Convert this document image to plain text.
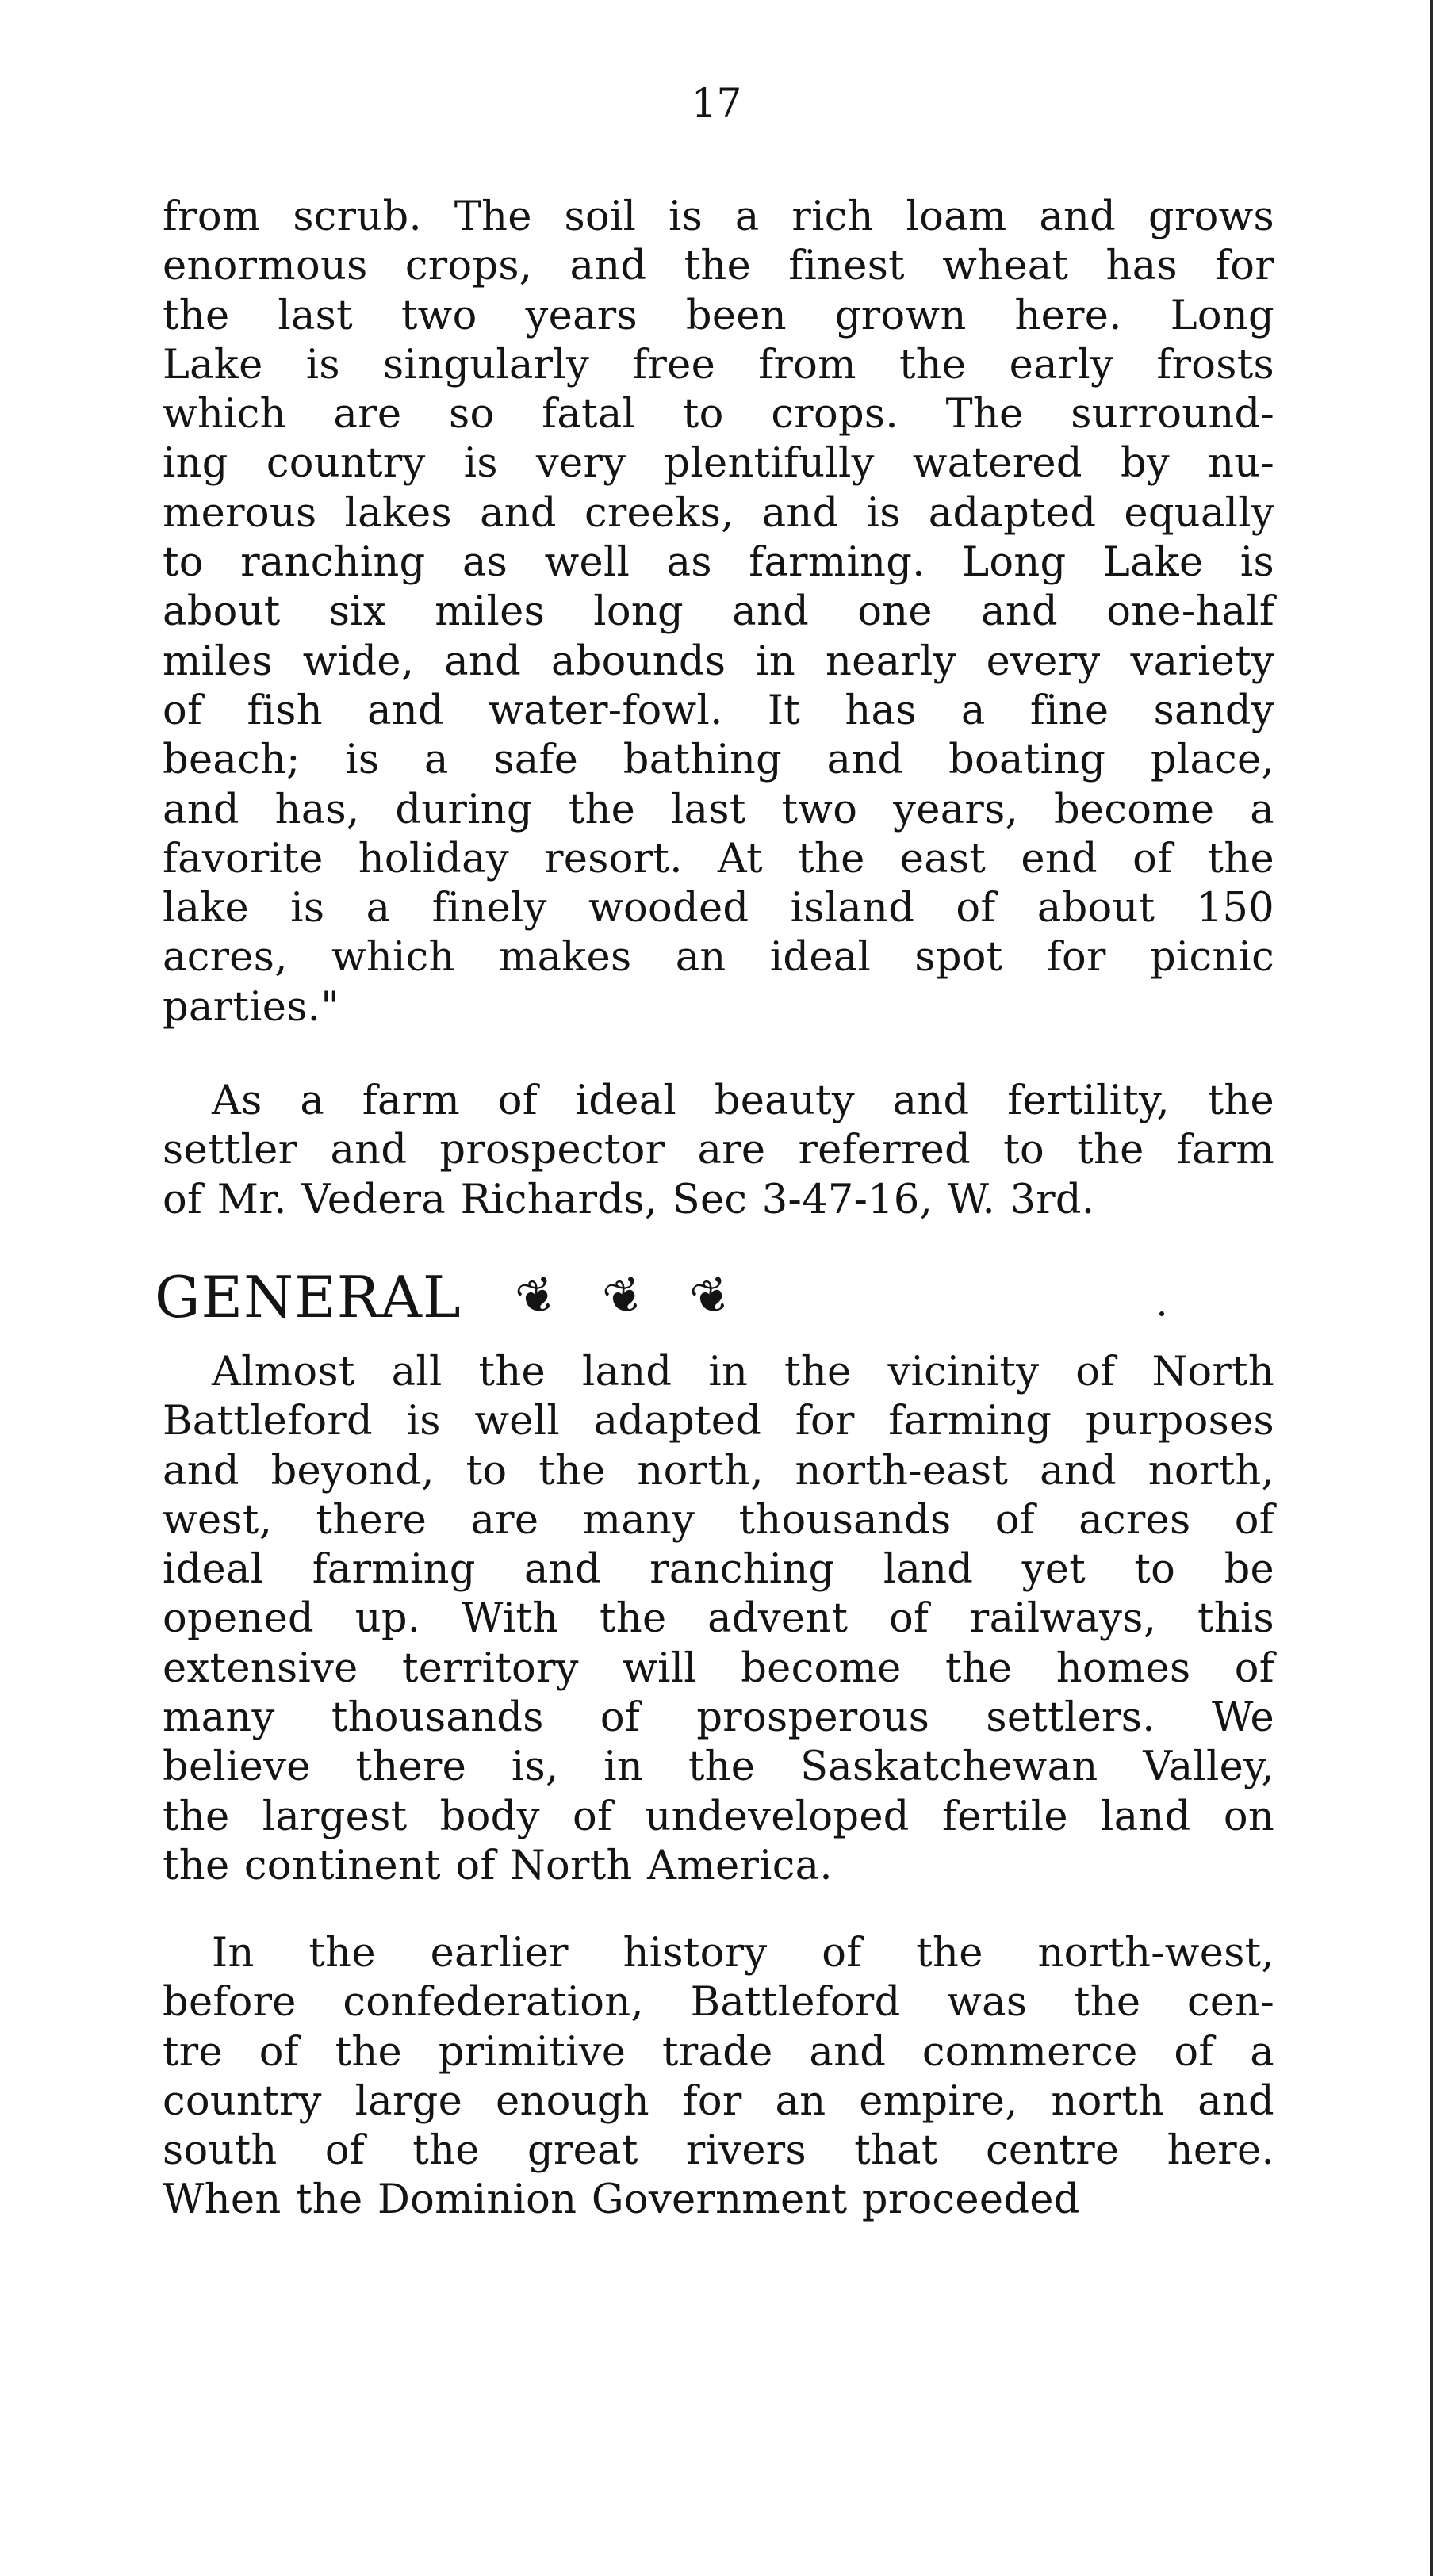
17
from scrub. The soil is a rich loam and grows
enormous crops, and the finest wheat has for
the last two years been grown here. Long
Lake is singularly free from the early frosts
which are so fatal to crops. The surround-
ing country is very plentifully watered by nu-
merous lakes and creeks, and is adapted equally
to ranching as well as farming. Long Lake is
about six miles long and one and one-half
miles wide, and abounds in nearly every variety
of fish and water-fowl. It has a fine sandy
beach; is a safe bathing and boating place,
and has, during the last two years, become a
favorite holiday resort. At the east end of the
lake is a finely wooded island of about 150
acres, which makes an ideal spot for picnic
parties."
As a farm of ideal beauty and fertility, the
settler and prospector are referred to the farm
of Mr. Vedera Richards, Sec 3-47-16, W. 3rd.
GENERAL ❦ ❦ ❦
Almost all the land in the vicinity of North
Battleford is well adapted for farming purposes
and beyond, to the north, north-east and north,
west, there are many thousands of acres of
ideal farming and ranching land yet to be
opened up. With the advent of railways, this
extensive territory will become the homes of
many thousands of prosperous settlers. We
believe there is, in the Saskatchewan Valley,
the largest body of undeveloped fertile land on
the continent of North America.
In the earlier history of the north-west,
before confederation, Battleford was the cen-
tre of the primitive trade and commerce of a
country large enough for an empire, north and
south of the great rivers that centre here.
When the Dominion Government proceeded
